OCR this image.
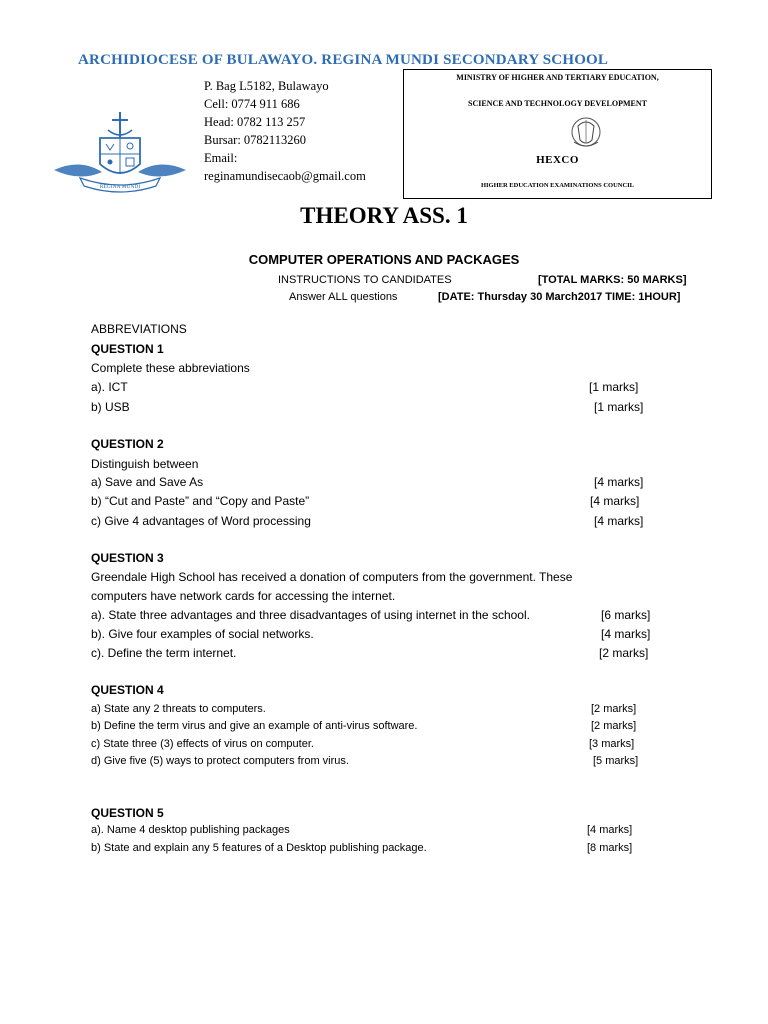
ARCHIDIOCESE OF BULAWAYO. REGINA MUNDI SECONDARY SCHOOL
P. Bag L5182, Bulawayo
Cell: 0774 911 686
Head: 0782 113 257
Bursar: 0782113260
Email:
reginamundisecaob@gmail.com
REGINA MUNDI
MINISTRY OF HIGHER AND TERTIARY EDUCATION,
SCIENCE AND TECHNOLOGY DEVELOPMENT
HEXCO
HIGHER EDUCATION EXAMINATIONS COUNCIL
THEORY ASS. 1
COMPUTER OPERATIONS AND PACKAGES
INSTRUCTIONS TO CANDIDATES	[TOTAL MARKS: 50 MARKS]
Answer ALL questions	[DATE: Thursday 30 March2017 TIME: 1HOUR]
ABBREVIATIONS
QUESTION 1
Complete these abbreviations
a). ICT	[1 marks]
b) USB	[1 marks]
QUESTION 2
Distinguish between
a) Save and Save As	[4 marks]
b) “Cut and Paste” and “Copy and Paste”	[4 marks]
c) Give 4 advantages of Word processing	[4 marks]
QUESTION 3
Greendale High School has received a donation of computers from the government. These
computers have network cards for accessing the internet.
a). State three advantages and three disadvantages of using internet in the school.	[6 marks]
b). Give four examples of social networks.	[4 marks]
c). Define the term internet.	[2 marks]
QUESTION 4
a) State any 2 threats to computers.	[2 marks]
b) Define the term virus and give an example of anti-virus software.	[2 marks]
c) State three (3) effects of virus on computer.	[3 marks]
d) Give five (5) ways to protect computers from virus.	[5 marks]
QUESTION 5
a). Name 4 desktop publishing packages	[4 marks]
b) State and explain any 5 features of a Desktop publishing package.	[8 marks]
